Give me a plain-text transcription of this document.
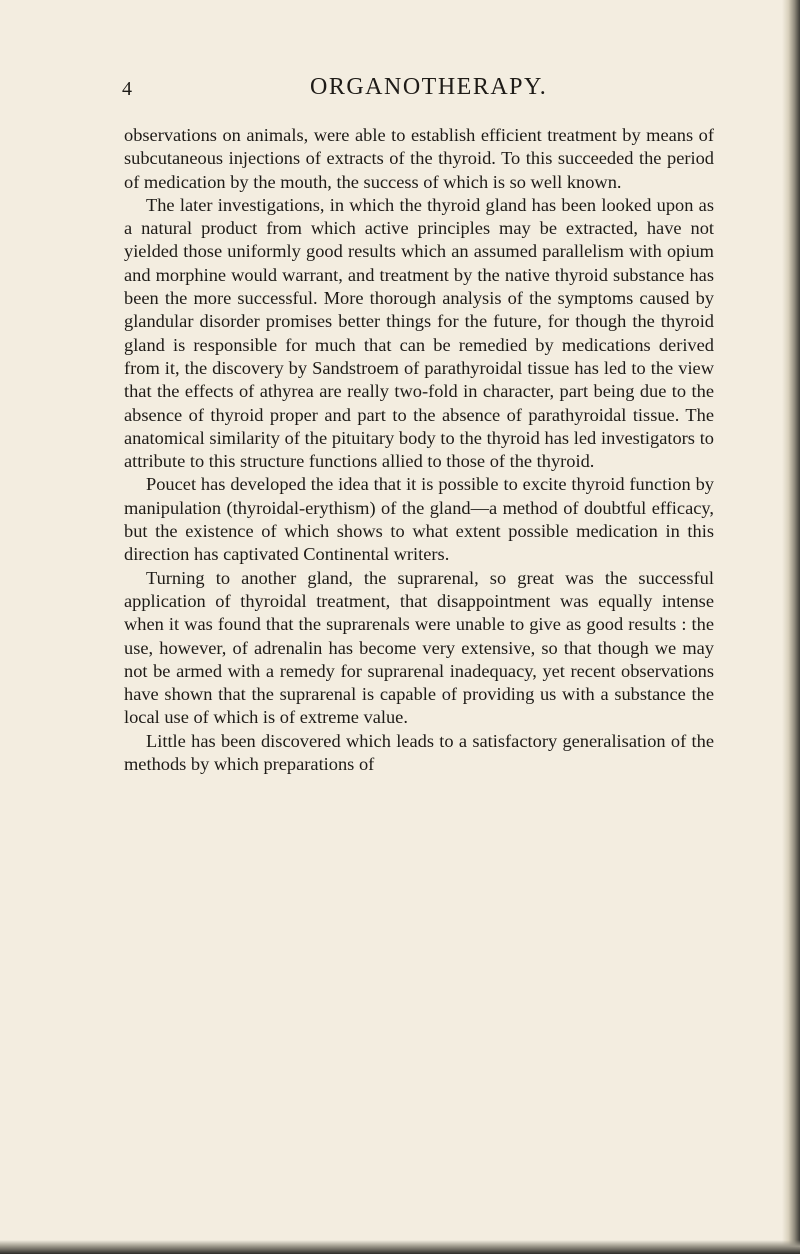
4	ORGANOTHERAPY.

observations on animals, were able to establish efficient treatment by means of subcutaneous injections of extracts of the thyroid. To this succeeded the period of medication by the mouth, the success of which is so well known.

The later investigations, in which the thyroid gland has been looked upon as a natural product from which active principles may be extracted, have not yielded those uniformly good results which an assumed parallelism with opium and morphine would warrant, and treatment by the native thyroid substance has been the more successful. More thorough analysis of the symptoms caused by glandular disorder promises better things for the future, for though the thyroid gland is responsible for much that can be remedied by medications derived from it, the discovery by Sandstroem of parathyroidal tissue has led to the view that the effects of athyrea are really two-fold in character, part being due to the absence of thyroid proper and part to the absence of parathyroidal tissue. The anatomical similarity of the pituitary body to the thyroid has led investigators to attribute to this structure functions allied to those of the thyroid.

Poucet has developed the idea that it is possible to excite thyroid function by manipulation (thyroidal-erythism) of the gland—a method of doubtful efficacy, but the existence of which shows to what extent possible medication in this direction has captivated Continental writers.

Turning to another gland, the suprarenal, so great was the successful application of thyroidal treatment, that disappointment was equally intense when it was found that the suprarenals were unable to give as good results : the use, however, of adrenalin has become very extensive, so that though we may not be armed with a remedy for suprarenal inadequacy, yet recent observations have shown that the suprarenal is capable of providing us with a substance the local use of which is of extreme value.

Little has been discovered which leads to a satisfactory generalisation of the methods by which preparations of
